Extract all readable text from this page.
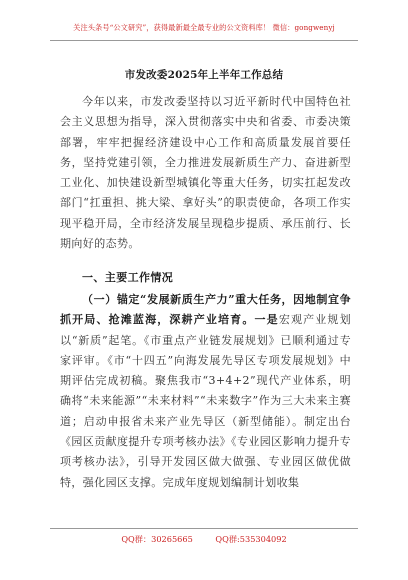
关注头条号“公文研究”，获得最新最全最专业的公文资料库！ 微信：gongwenyj
市发改委2025年上半年工作总结
今年以来，市发改委坚持以习近平新时代中国特色社会主义思想为指导，深入贯彻落实中央和省委、市委决策部署，牢牢把握经济建设中心工作和高质量发展首要任务，坚持党建引领，全力推进发展新质生产力、奋进新型工业化、加快建设新型城镇化等重大任务，切实扛起发改部门“扛重担、挑大梁、拿好头”的职责使命，各项工作实现平稳开局，全市经济发展呈现稳步提质、承压前行、长期向好的态势。
一、主要工作情况
（一）锚定“发展新质生产力”重大任务，因地制宜争抓开局、抢滩蓝海，深耕产业培育。一是宏观产业规划以“新质”起笔。《市重点产业链发展规划》已顺利通过专家评审。《市“十四五”向海发展先导区专项发展规划》中期评估完成初稿。聚焦我市“3+4+2”现代产业体系，明确将“未来能源”“未来材料”“未来数字”作为三大未来主赛道；启动申报省未来产业先导区（新型储能）。制定出台《园区贡献度提升专项考核办法》《专业园区影响力提升专项考核办法》，引导开发园区做大做强、专业园区做优做特，强化园区支撑。完成年度规划编制计划收集
QQ群：30265665	QQ群:535304092
